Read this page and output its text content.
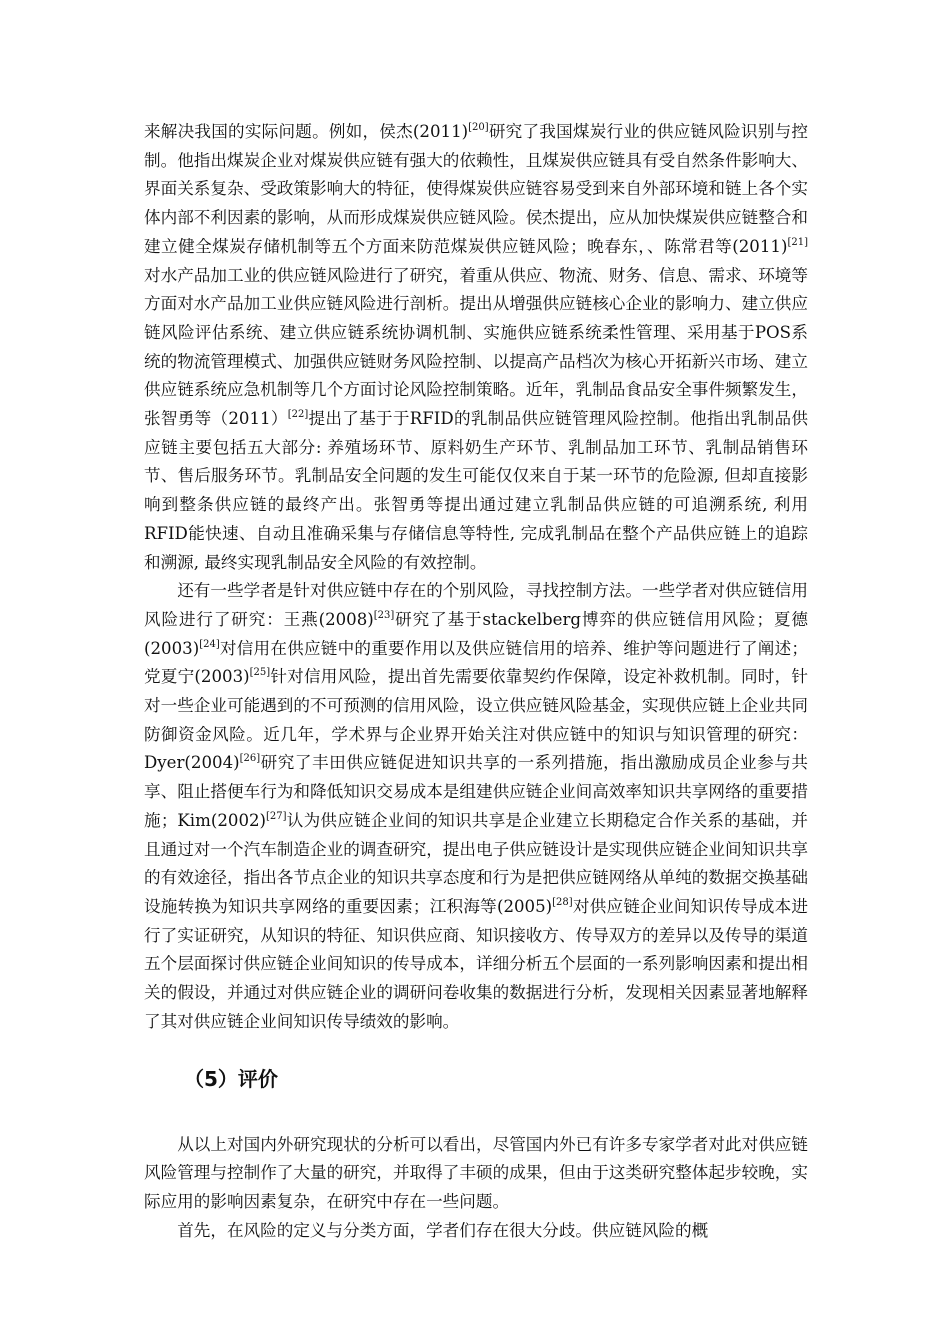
来解决我国的实际问题。例如，侯杰(2011)[20]研究了我国煤炭行业的供应链风险识别与控制。他指出煤炭企业对煤炭供应链有强大的依赖性，且煤炭供应链具有受自然条件影响大、界面关系复杂、受政策影响大的特征，使得煤炭供应链容易受到来自外部环境和链上各个实体内部不利因素的影响，从而形成煤炭供应链风险。侯杰提出，应从加快煤炭供应链整合和建立健全煤炭存储机制等五个方面来防范煤炭供应链风险；晚春东，、陈常君等(2011)[21]对水产品加工业的供应链风险进行了研究，着重从供应、物流、财务、信息、需求、环境等方面对水产品加工业供应链风险进行剖析。提出从增强供应链核心企业的影响力、建立供应链风险评估系统、建立供应链系统协调机制、实施供应链系统柔性管理、采用基于POS系统的物流管理模式、加强供应链财务风险控制、以提高产品档次为核心开拓新兴市场、建立供应链系统应急机制等几个方面讨论风险控制策略。近年，乳制品食品安全事件频繁发生，张智勇等（2011）[22]提出了基于于RFID的乳制品供应链管理风险控制。他指出乳制品供应链主要包括五大部分: 养殖场环节、原料奶生产环节、乳制品加工环节、乳制品销售环节、售后服务环节。乳制品安全问题的发生可能仅仅来自于某一环节的危险源, 但却直接影响到整条供应链的最终产出。张智勇等提出通过建立乳制品供应链的可追溯系统, 利用RFID能快速、自动且准确采集与存储信息等特性, 完成乳制品在整个产品供应链上的追踪和溯源, 最终实现乳制品安全风险的有效控制。

还有一些学者是针对供应链中存在的个别风险，寻找控制方法。一些学者对供应链信用风险进行了研究：王燕(2008)[23]研究了基于stackelberg博弈的供应链信用风险；夏德(2003)[24]对信用在供应链中的重要作用以及供应链信用的培养、维护等问题进行了阐述；党夏宁(2003)[25]针对信用风险，提出首先需要依靠契约作保障，设定补救机制。同时，针对一些企业可能遇到的不可预测的信用风险，设立供应链风险基金，实现供应链上企业共同防御资金风险。近几年，学术界与企业界开始关注对供应链中的知识与知识管理的研究：Dyer(2004)[26]研究了丰田供应链促进知识共享的一系列措施，指出激励成员企业参与共享、阻止搭便车行为和降低知识交易成本是组建供应链企业间高效率知识共享网络的重要措施；Kim(2002)[27]认为供应链企业间的知识共享是企业建立长期稳定合作关系的基础，并且通过对一个汽车制造企业的调查研究，提出电子供应链设计是实现供应链企业间知识共享的有效途径，指出各节点企业的知识共享态度和行为是把供应链网络从单纯的数据交换基础设施转换为知识共享网络的重要因素；江积海等(2005)[28]对供应链企业间知识传导成本进行了实证研究，从知识的特征、知识供应商、知识接收方、传导双方的差异以及传导的渠道五个层面探讨供应链企业间知识的传导成本，详细分析五个层面的一系列影响因素和提出相关的假设，并通过对供应链企业的调研问卷收集的数据进行分析，发现相关因素显著地解释了其对供应链企业间知识传导绩效的影响。

（5）评价

从以上对国内外研究现状的分析可以看出，尽管国内外已有许多专家学者对此对供应链风险管理与控制作了大量的研究，并取得了丰硕的成果，但由于这类研究整体起步较晚，实际应用的影响因素复杂，在研究中存在一些问题。

首先，在风险的定义与分类方面，学者们存在很大分歧。供应链风险的概
